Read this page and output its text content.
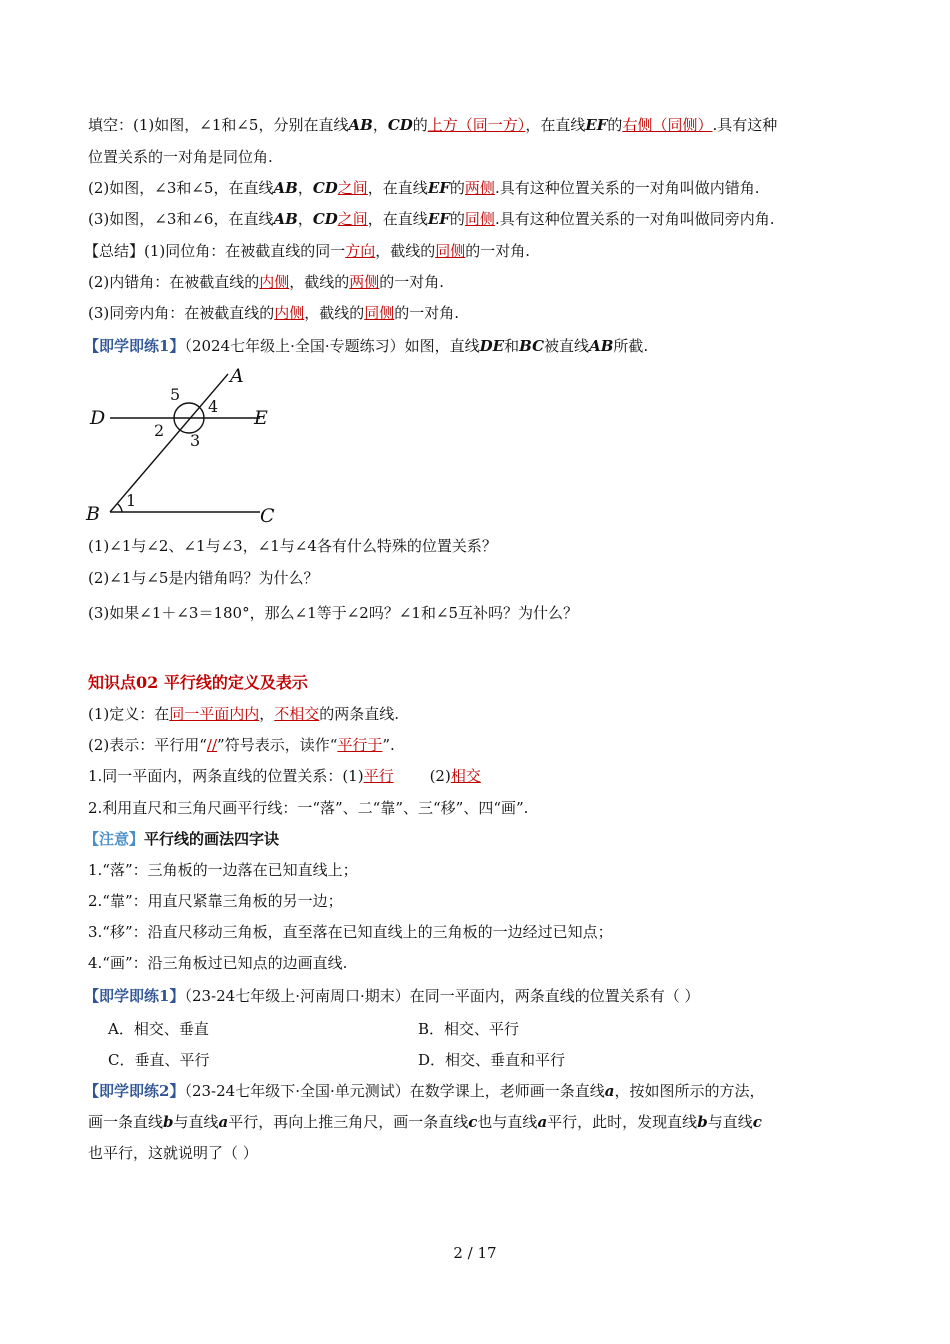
填空：(1)如图，∠1和∠5，分别在直线AB，CD的上方（同一方），在直线EF的右侧（同侧）.具有这种
位置关系的一对角是同位角.
(2)如图，∠3和∠5，在直线AB，CD之间，在直线EF的两侧.具有这种位置关系的一对角叫做内错角.
(3)如图，∠3和∠6，在直线AB，CD之间，在直线EF的同侧.具有这种位置关系的一对角叫做同旁内角.
【总结】(1)同位角：在被截直线的同一方向，截线的同侧的一对角.
(2)内错角：在被截直线的内侧，截线的两侧的一对角.
(3)同旁内角：在被截直线的内侧，截线的同侧的一对角.
【即学即练1】（2024七年级上·全国·专题练习）如图，直线DE和BC被直线AB所截.
A
D	E
B	C
5
4
2
3
1
(1)∠1与∠2、∠1与∠3，∠1与∠4各有什么特殊的位置关系？
(2)∠1与∠5是内错角吗？为什么？
(3)如果∠1＋∠3＝180°，那么∠1等于∠2吗？∠1和∠5互补吗？为什么？
知识点02 平行线的定义及表示
(1)定义：在同一平面内内，不相交的两条直线.
(2)表示：平行用“//”符号表示，读作“平行于”.
1.同一平面内，两条直线的位置关系：(1)平行 (2)相交
2.利用直尺和三角尺画平行线：一“落”、二“靠”、三“移”、四“画”.
【注意】平行线的画法四字诀
1.“落”：三角板的一边落在已知直线上；
2.“靠”：用直尺紧靠三角板的另一边；
3.“移”：沿直尺移动三角板，直至落在已知直线上的三角板的一边经过已知点；
4.“画”：沿三角板过已知点的边画直线.
【即学即练1】（23-24七年级上·河南周口·期末）在同一平面内，两条直线的位置关系有（ ）
A．相交、垂直	B．相交、平行
C．垂直、平行	D．相交、垂直和平行
【即学即练2】（23-24七年级下·全国·单元测试）在数学课上，老师画一条直线a，按如图所示的方法，
画一条直线b与直线a平行，再向上推三角尺，画一条直线c也与直线a平行，此时，发现直线b与直线c
也平行，这就说明了（ ）
2 / 17
